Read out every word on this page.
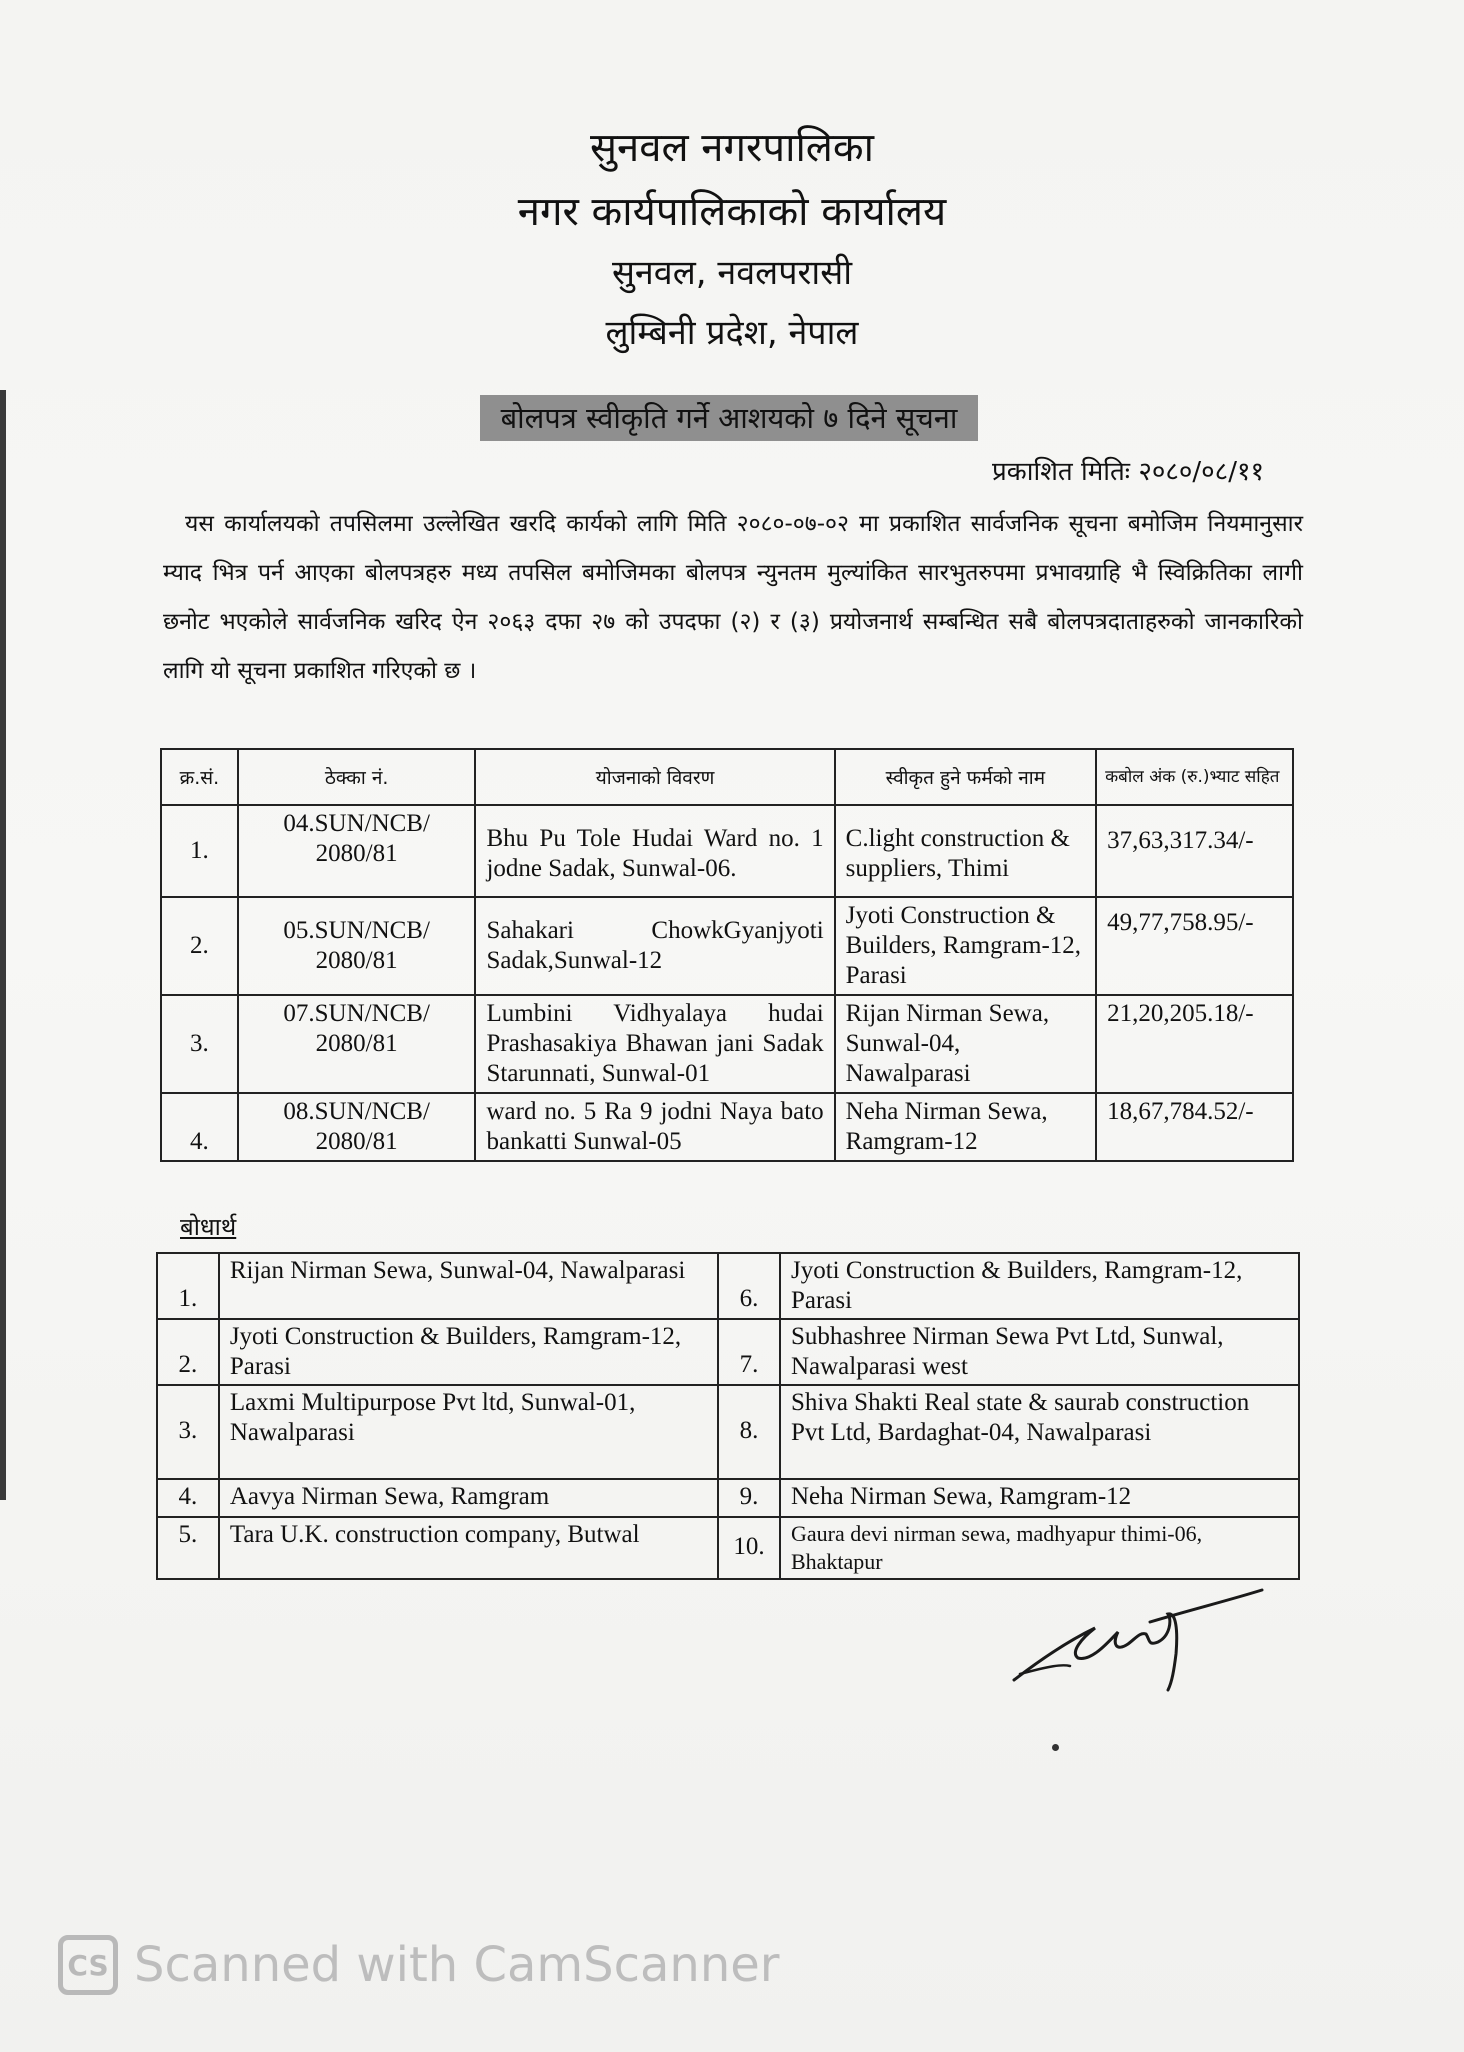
सुनवल नगरपालिका
नगर कार्यपालिकाको कार्यालय
सुनवल, नवलपरासी
लुम्बिनी प्रदेश, नेपाल
बोलपत्र स्वीकृति गर्ने आशयको ७ दिने सूचना
प्रकाशित मितिः २०८०/०८/११
यस कार्यालयको तपसिलमा उल्लेखित खरदि कार्यको लागि मिति २०८०-०७-०२ मा प्रकाशित सार्वजनिक सूचना बमोजिम नियमानुसार म्याद भित्र पर्न आएका बोलपत्रहरु मध्य तपसिल बमोजिमका बोलपत्र न्युनतम मुल्यांकित सारभुतरुपमा प्रभावग्राहि भै स्विक्रितिका लागी छनोट भएकोले सार्वजनिक खरिद ऐन २०६३ दफा २७ को उपदफा (२) र (३) प्रयोजनार्थ सम्बन्धित सबै बोलपत्रदाताहरुको जानकारिको लागि यो सूचना प्रकाशित गरिएको छ ।
क्र.सं.	ठेक्का नं.	योजनाको विवरण	स्वीकृत हुने फर्मको नाम	कबोल अंक (रु.)भ्याट सहित
1.	04.SUN/NCB/ 2080/81	Bhu Pu Tole Hudai Ward no. 1 jodne Sadak, Sunwal-06.	C.light construction & suppliers, Thimi	37,63,317.34/-
2.	05.SUN/NCB/ 2080/81	Sahakari ChowkGyanjyoti Sadak,Sunwal-12	Jyoti Construction & Builders, Ramgram-12, Parasi	49,77,758.95/-
3.	07.SUN/NCB/ 2080/81	Lumbini Vidhyalaya hudai Prashasakiya Bhawan jani Sadak Starunnati, Sunwal-01	Rijan Nirman Sewa, Sunwal-04, Nawalparasi	21,20,205.18/-
4.	08.SUN/NCB/ 2080/81	ward no. 5 Ra 9 jodni Naya bato bankatti Sunwal-05	Neha Nirman Sewa, Ramgram-12	18,67,784.52/-
बोधार्थ
1.	Rijan Nirman Sewa, Sunwal-04, Nawalparasi	6.	Jyoti Construction & Builders, Ramgram-12, Parasi
2.	Jyoti Construction & Builders, Ramgram-12, Parasi	7.	Subhashree Nirman Sewa Pvt Ltd, Sunwal, Nawalparasi west
3.	Laxmi Multipurpose Pvt ltd, Sunwal-01, Nawalparasi	8.	Shiva Shakti Real state & saurab construction Pvt Ltd, Bardaghat-04, Nawalparasi
4.	Aavya Nirman Sewa, Ramgram	9.	Neha Nirman Sewa, Ramgram-12
5.	Tara U.K. construction company, Butwal	10.	Gaura devi nirman sewa, madhyapur thimi-06, Bhaktapur
CS Scanned with CamScanner
